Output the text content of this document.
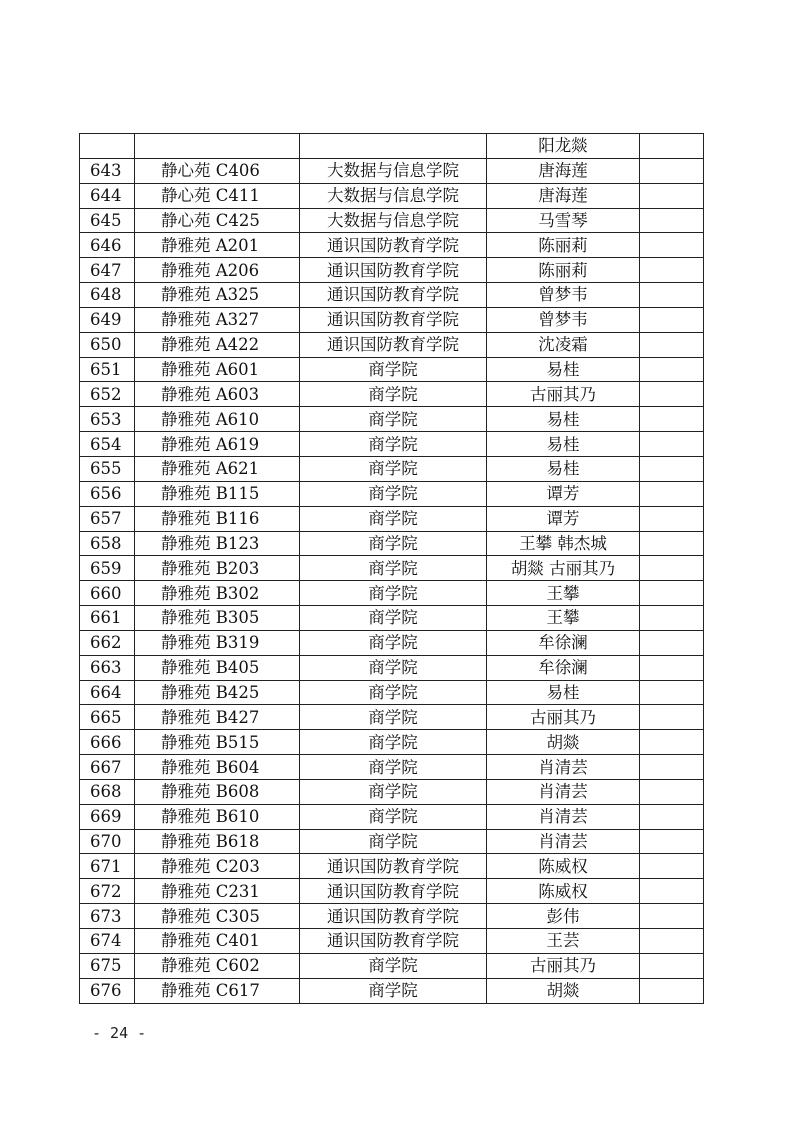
			阳龙燚	
643	静心苑 C406	大数据与信息学院	唐海莲	
644	静心苑 C411	大数据与信息学院	唐海莲	
645	静心苑 C425	大数据与信息学院	马雪琴	
646	静雅苑 A201	通识国防教育学院	陈丽莉	
647	静雅苑 A206	通识国防教育学院	陈丽莉	
648	静雅苑 A325	通识国防教育学院	曾梦韦	
649	静雅苑 A327	通识国防教育学院	曾梦韦	
650	静雅苑 A422	通识国防教育学院	沈凌霜	
651	静雅苑 A601	商学院	易桂	
652	静雅苑 A603	商学院	古丽其乃	
653	静雅苑 A610	商学院	易桂	
654	静雅苑 A619	商学院	易桂	
655	静雅苑 A621	商学院	易桂	
656	静雅苑 B115	商学院	谭芳	
657	静雅苑 B116	商学院	谭芳	
658	静雅苑 B123	商学院	王攀 韩杰城	
659	静雅苑 B203	商学院	胡燚 古丽其乃	
660	静雅苑 B302	商学院	王攀	
661	静雅苑 B305	商学院	王攀	
662	静雅苑 B319	商学院	牟徐澜	
663	静雅苑 B405	商学院	牟徐澜	
664	静雅苑 B425	商学院	易桂	
665	静雅苑 B427	商学院	古丽其乃	
666	静雅苑 B515	商学院	胡燚	
667	静雅苑 B604	商学院	肖清芸	
668	静雅苑 B608	商学院	肖清芸	
669	静雅苑 B610	商学院	肖清芸	
670	静雅苑 B618	商学院	肖清芸	
671	静雅苑 C203	通识国防教育学院	陈威权	
672	静雅苑 C231	通识国防教育学院	陈威权	
673	静雅苑 C305	通识国防教育学院	彭伟	
674	静雅苑 C401	通识国防教育学院	王芸	
675	静雅苑 C602	商学院	古丽其乃	
676	静雅苑 C617	商学院	胡燚	
- 24 -
